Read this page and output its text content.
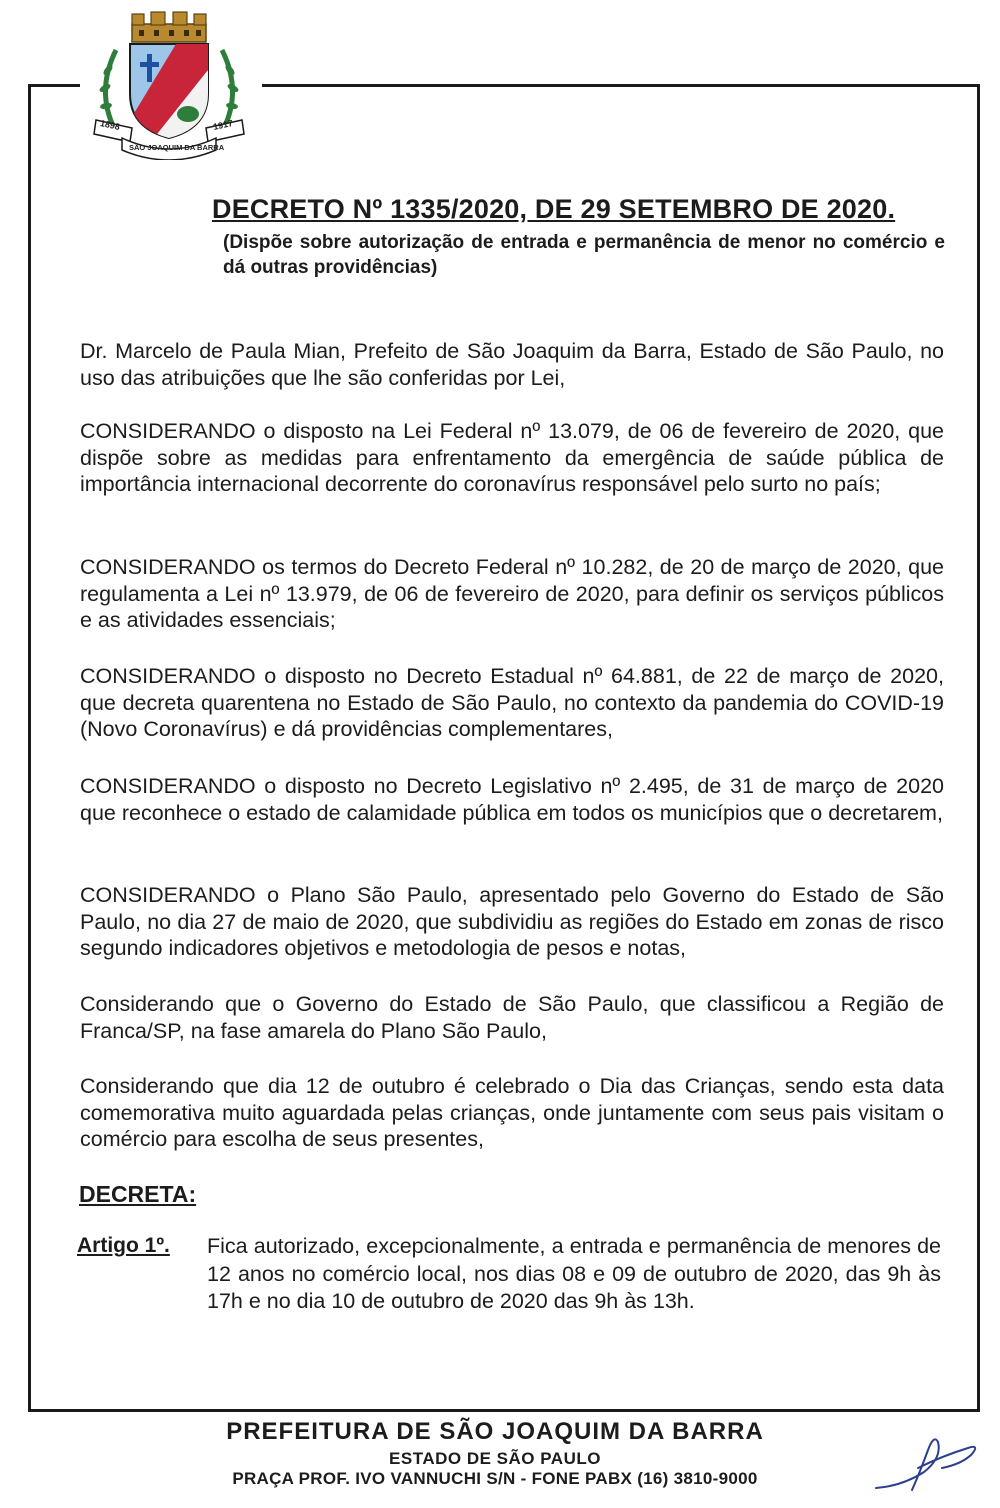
1898	1917
SÃO JOAQUIM DA BARRA
DECRETO Nº 1335/2020, DE 29 SETEMBRO DE 2020.
(Dispõe sobre autorização de entrada e permanência de menor no comércio e dá outras providências)
Dr. Marcelo de Paula Mian, Prefeito de São Joaquim da Barra, Estado de São Paulo, no uso das atribuições que lhe são conferidas por Lei,
CONSIDERANDO o disposto na Lei Federal nº 13.079, de 06 de fevereiro de 2020, que dispõe sobre as medidas para enfrentamento da emergência de saúde pública de importância internacional decorrente do coronavírus responsável pelo surto no país;
CONSIDERANDO os termos do Decreto Federal nº 10.282, de 20 de março de 2020, que regulamenta a Lei nº 13.979, de 06 de fevereiro de 2020, para definir os serviços públicos e as atividades essenciais;
CONSIDERANDO o disposto no Decreto Estadual nº 64.881, de 22 de março de 2020, que decreta quarentena no Estado de São Paulo, no contexto da pandemia do COVID-19 (Novo Coronavírus) e dá providências complementares,
CONSIDERANDO o disposto no Decreto Legislativo nº 2.495, de 31 de março de 2020 que reconhece o estado de calamidade pública em todos os municípios que o decretarem,
CONSIDERANDO o Plano São Paulo, apresentado pelo Governo do Estado de São Paulo, no dia 27 de maio de 2020, que subdividiu as regiões do Estado em zonas de risco segundo indicadores objetivos e metodologia de pesos e notas,
Considerando que o Governo do Estado de São Paulo, que classificou a Região de Franca/SP, na fase amarela do Plano São Paulo,
Considerando que dia 12 de outubro é celebrado o Dia das Crianças, sendo esta data comemorativa muito aguardada pelas crianças, onde juntamente com seus pais visitam o comércio para escolha de seus presentes,
DECRETA:
Artigo 1º. Fica autorizado, excepcionalmente, a entrada e permanência de menores de 12 anos no comércio local, nos dias 08 e 09 de outubro de 2020, das 9h às 17h e no dia 10 de outubro de 2020 das 9h às 13h.
PREFEITURA DE SÃO JOAQUIM DA BARRA
ESTADO DE SÃO PAULO
PRAÇA PROF. IVO VANNUCHI S/N - FONE PABX (16) 3810-9000
